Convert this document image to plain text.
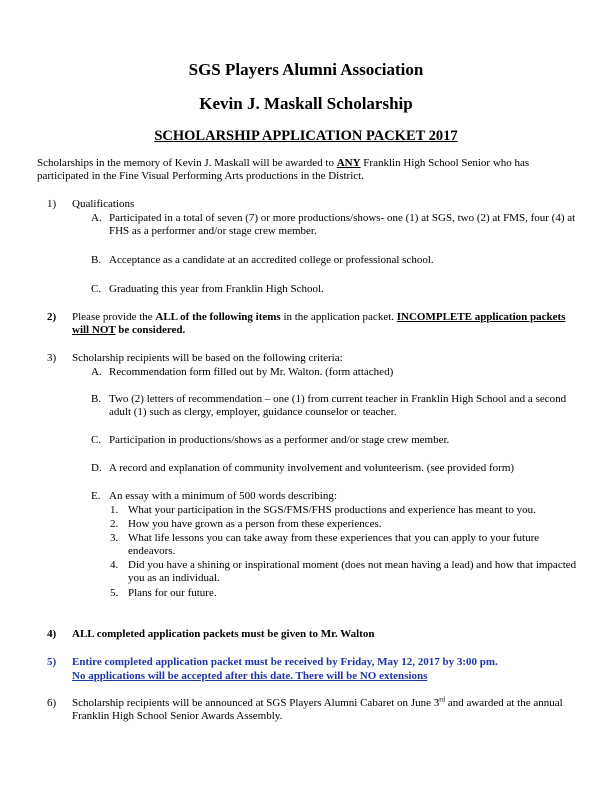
SGS Players Alumni Association
Kevin J. Maskall Scholarship
SCHOLARSHIP APPLICATION PACKET 2017
Scholarships in the memory of Kevin J. Maskall will be awarded to ANY Franklin High School Senior who has participated in the Fine Visual Performing Arts productions in the District.
1)	Qualifications
A. Participated in a total of seven (7) or more productions/shows- one (1) at SGS, two (2) at FMS, four (4) at FHS as a performer and/or stage crew member.
B. Acceptance as a candidate at an accredited college or professional school.
C. Graduating this year from Franklin High School.
2)	Please provide the ALL of the following items in the application packet. INCOMPLETE application packets will NOT be considered.
3)	Scholarship recipients will be based on the following criteria:
A. Recommendation form filled out by Mr. Walton. (form attached)
B. Two (2) letters of recommendation – one (1) from current teacher in Franklin High School and a second adult (1) such as clergy, employer, guidance counselor or teacher.
C. Participation in productions/shows as a performer and/or stage crew member.
D. A record and explanation of community involvement and volunteerism. (see provided form)
E. An essay with a minimum of 500 words describing:
1. What your participation in the SGS/FMS/FHS productions and experience has meant to you.
2. How you have grown as a person from these experiences.
3. What life lessons you can take away from these experiences that you can apply to your future endeavors.
4. Did you have a shining or inspirational moment (does not mean having a lead) and how that impacted you as an individual.
5. Plans for our future.
4)	ALL completed application packets must be given to Mr. Walton
5)	Entire completed application packet must be received by Friday, May 12, 2017 by 3:00 pm.
No applications will be accepted after this date. There will be NO extensions
6)	Scholarship recipients will be announced at SGS Players Alumni Cabaret on June 3rd and awarded at the annual Franklin High School Senior Awards Assembly.
